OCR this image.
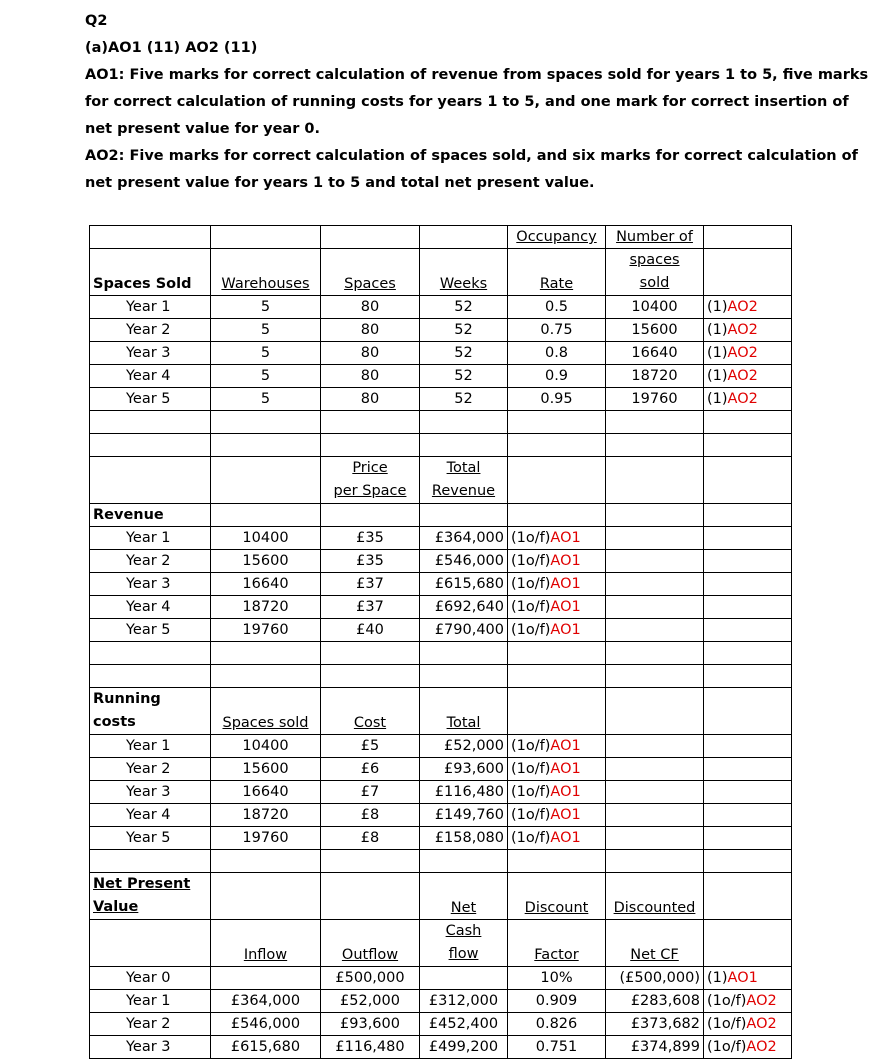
Q2

(a)AO1 (11) AO2 (11)

AO1: Five marks for correct calculation of revenue from spaces sold for years 1 to 5, five marks for correct calculation of running costs for years 1 to 5, and one mark for correct insertion of net present value for year 0.

AO2: Five marks for correct calculation of spaces sold, and six marks for correct calculation of net present value for years 1 to 5 and total net present value.

				Occupancy	Number of	
Spaces Sold	Warehouses	Spaces	Weeks	Rate	spaces
sold	
Year 1	5	80	52	0.5	10400	(1)AO2
Year 2	5	80	52	0.75	15600	(1)AO2
Year 3	5	80	52	0.8	16640	(1)AO2
Year 4	5	80	52	0.9	18720	(1)AO2
Year 5	5	80	52	0.95	19760	(1)AO2

		Price
per Space	Total
Revenue			
Revenue						
Year 1	10400	£35	£364,000	(1o/f)AO1		
Year 2	15600	£35	£546,000	(1o/f)AO1		
Year 3	16640	£37	£615,680	(1o/f)AO1		
Year 4	18720	£37	£692,640	(1o/f)AO1		
Year 5	19760	£40	£790,400	(1o/f)AO1		

Running
costs	Spaces sold	Cost	Total			
Year 1	10400	£5	£52,000	(1o/f)AO1		
Year 2	15600	£6	£93,600	(1o/f)AO1		
Year 3	16640	£7	£116,480	(1o/f)AO1		
Year 4	18720	£8	£149,760	(1o/f)AO1		
Year 5	19760	£8	£158,080	(1o/f)AO1		

Net Present
Value			Net	Discount	Discounted	
	Inflow	Outflow	Cash
flow	Factor	Net CF	
Year 0		£500,000		10%	(£500,000)	(1)AO1
Year 1	£364,000	£52,000	£312,000	0.909	£283,608	(1o/f)AO2
Year 2	£546,000	£93,600	£452,400	0.826	£373,682	(1o/f)AO2
Year 3	£615,680	£116,480	£499,200	0.751	£374,899	(1o/f)AO2
